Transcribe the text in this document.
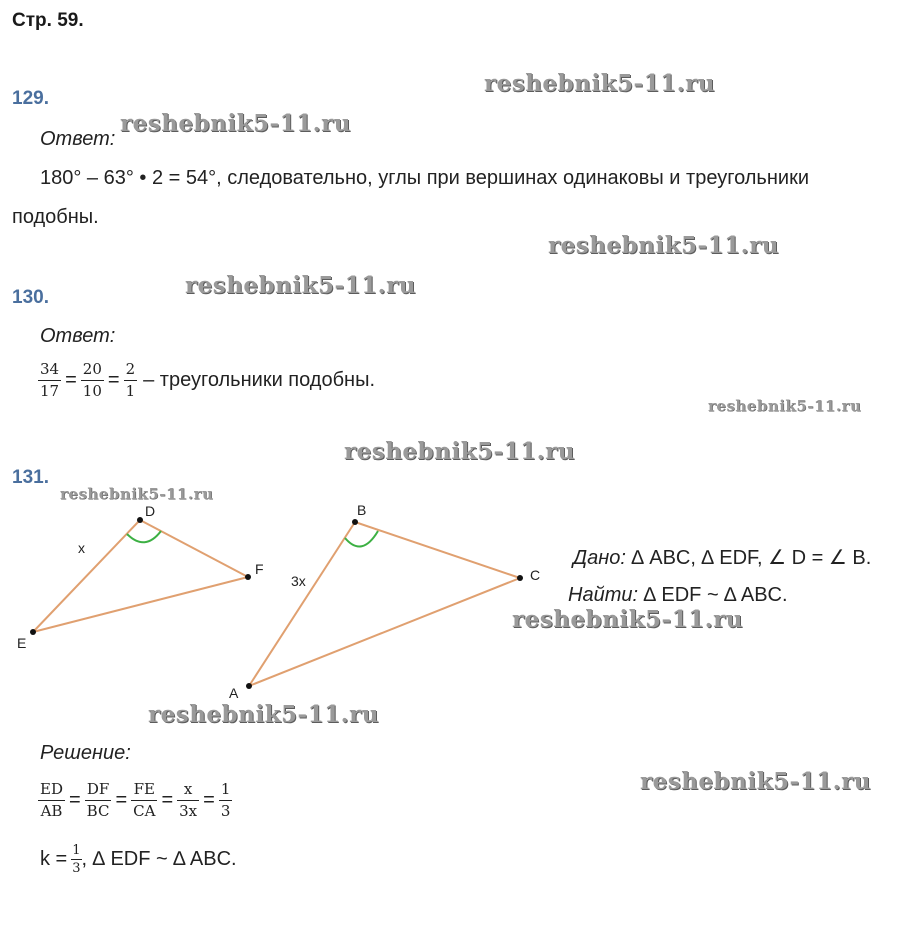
Стр. 59.
reshebnik5-11.ru
reshebnik5-11.ru
reshebnik5-11.ru
reshebnik5-11.ru
reshebnik5-11.ru
reshebnik5-11.ru
reshebnik5-11.ru
reshebnik5-11.ru
reshebnik5-11.ru
reshebnik5-11.ru
129.
Ответ:
180° – 63° • 2 = 54°, следовательно, углы при вершинах одинаковы и треугольники
подобны.
130.
Ответ:
$\frac{34}{17} = \frac{20}{10} = \frac{2}{1}$ – треугольники подобны.
131.
D
E
F
x
B
A
C
3x
Дано: ∆ ABC, ∆ EDF, ∠ D = ∠ B.
Найти: ∆ EDF ~ ∆ ABC.
Решение:
$\frac{ED}{AB} = \frac{DF}{BC} = \frac{FE}{CA} = \frac{x}{3x} = \frac{1}{3}$
$k = \frac{1}{3}$ , ∆ EDF ~ ∆ ABC.
